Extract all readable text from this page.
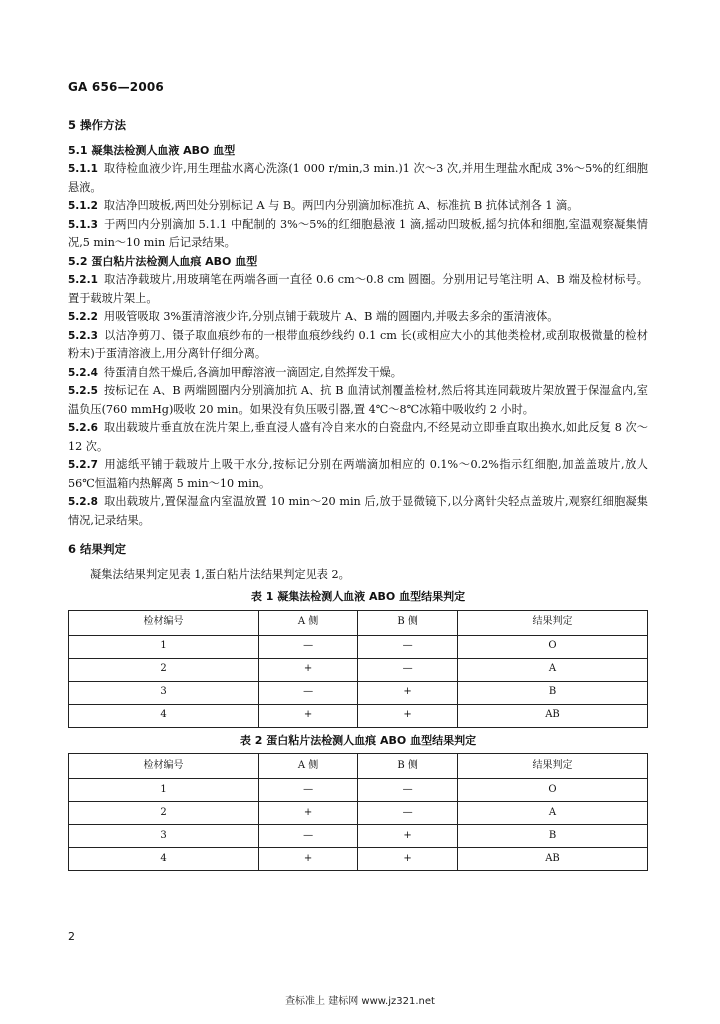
GA 656—2006
5 操作方法
5.1 凝集法检测人血液 ABO 血型
5.1.1 取待检血液少许,用生理盐水离心洗涤(1 000 r/min,3 min.)1 次～3 次,并用生理盐水配成 3%～5%的红细胞悬液。
5.1.2 取洁净凹玻板,两凹处分别标记 A 与 B。两凹内分别滴加标准抗 A、标准抗 B 抗体试剂各 1 滴。
5.1.3 于两凹内分别滴加 5.1.1 中配制的 3%～5%的红细胞悬液 1 滴,摇动凹玻板,摇匀抗体和细胞,室温观察凝集情况,5 min～10 min 后记录结果。
5.2 蛋白粘片法检测人血痕 ABO 血型
5.2.1 取洁净载玻片,用玻璃笔在两端各画一直径 0.6 cm～0.8 cm 圆圈。分别用记号笔注明 A、B 端及检材标号。置于载玻片架上。
5.2.2 用吸管吸取 3%蛋清溶液少许,分别点铺于载玻片 A、B 端的圆圈内,并吸去多余的蛋清液体。
5.2.3 以洁净剪刀、镊子取血痕纱布的一根带血痕纱线约 0.1 cm 长(或相应大小的其他类检材,或刮取极微量的检材粉末)于蛋清溶液上,用分离针仔细分离。
5.2.4 待蛋清自然干燥后,各滴加甲醇溶液一滴固定,自然挥发干燥。
5.2.5 按标记在 A、B 两端圆圈内分别滴加抗 A、抗 B 血清试剂覆盖检材,然后将其连同载玻片架放置于保湿盒内,室温负压(760 mmHg)吸收 20 min。如果没有负压吸引器,置 4℃～8℃冰箱中吸收约 2 小时。
5.2.6 取出载玻片垂直放在洗片架上,垂直浸人盛有冷自来水的白瓷盘内,不经晃动立即垂直取出换水,如此反复 8 次～12 次。
5.2.7 用滤纸平铺于载玻片上吸干水分,按标记分别在两端滴加相应的 0.1%～0.2%指示红细胞,加盖盖玻片,放人 56℃恒温箱内热解离 5 min～10 min。
5.2.8 取出载玻片,置保湿盒内室温放置 10 min～20 min 后,放于显微镜下,以分离针尖轻点盖玻片,观察红细胞凝集情况,记录结果。
6 结果判定
凝集法结果判定见表 1,蛋白粘片法结果判定见表 2。
表 1 凝集法检测人血液 ABO 血型结果判定
检材编号	A 侧	B 侧	结果判定
1	—	—	O
2	+	—	A
3	—	+	B
4	+	+	AB
表 2 蛋白粘片法检测人血痕 ABO 血型结果判定
检材编号	A 侧	B 侧	结果判定
1	—	—	O
2	+	—	A
3	—	+	B
4	+	+	AB
2
查标准上 建标网 www.jz321.net
